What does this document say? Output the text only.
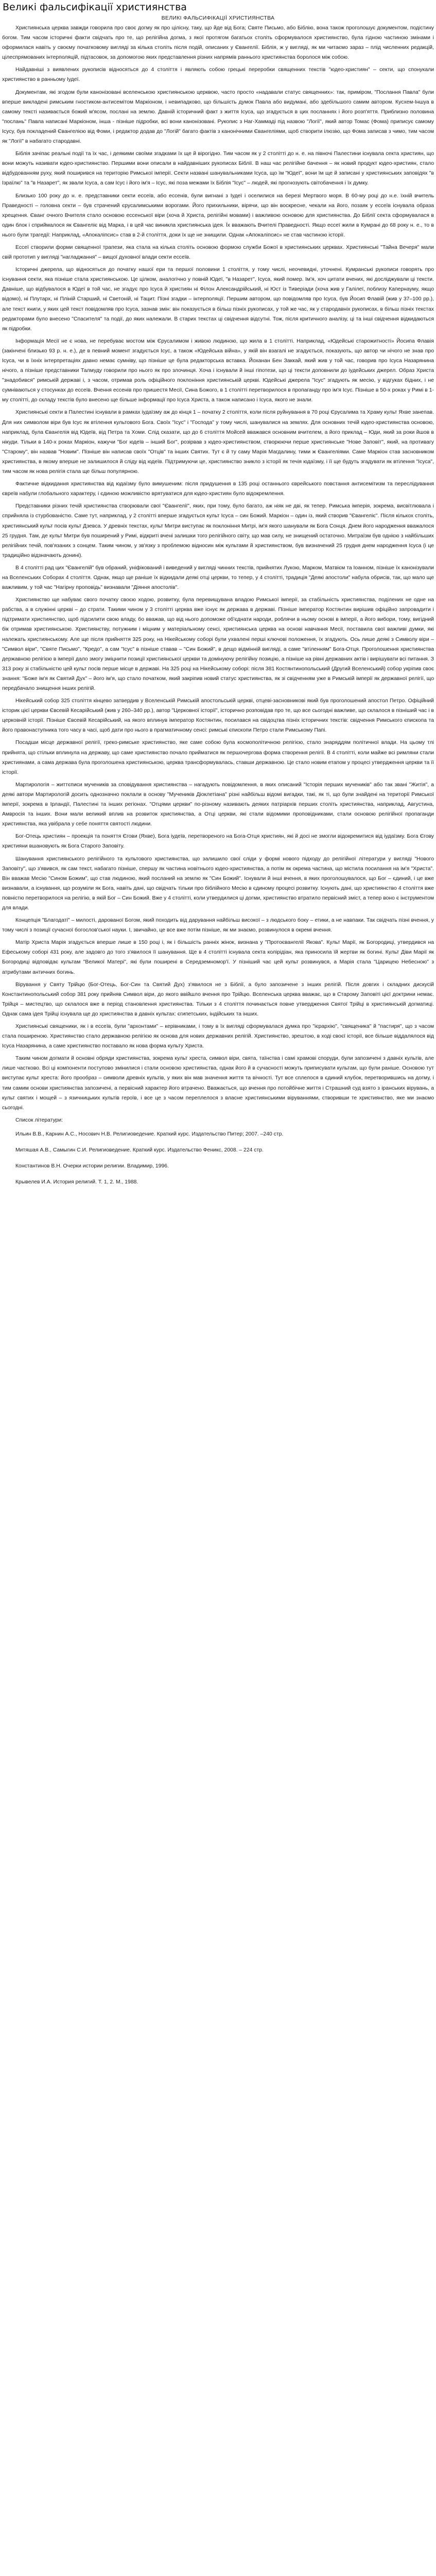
Великі фальсифікації християнства
ВЕЛИКІ ФАЛЬСИФІКАЦІЇ ХРИСТИЯНСТВА

Християнська церква завжди говорила про своє догму як про цілісну, таку, що йде від Бога; Святе Письмо, або Біблію, вона також проголошує документом, подістину богом. Тим часом історичні факти свідчать про те, що релігійна догма, з якої протягом багатьох століть сформувалося християнство, була гідною частиною змінами і оформилася навіть у своєму початковому вигляді за кілька століть після подій, описаних у Євангелії. Біблія, ж у вигляді, як ми читаємо зараз – плід численних редакцій, цілеспрямованих інтерполяцій, підтасовок, за допомогою яких представлення різних напрямів раннього християнства боролося між собою.

Найдавніші з виявлених рукописів відносяться до 4 століття і являють собою грецькі переробки священних текстів "юдео-християн" – секти, що спонукали християнство в ранньому Іудеї.

Документам, які згодом були канонізовані вселенською християнською церквою, часто просто «надавали статус священних»: так, приміром, "Послання Павла" були вперше викладені римським гностиком-антисемітом Маркіоном, і невипадково, що більшість думок Павла або видумані, або здебільшого самим автором. Кусхем-Іншуа в самому тексті називається божий м'ясом, послані на землю. Давній історичний факт з життя Ісуса, що згадується в цих посланнях і його розп'яття. Приблизно половина "послань" Павла написані Маркіоном, інша - пізніше підробки, всі вони канонізовані. Рукопис з Наг-Хаммаді під назвою "Логії", який автор Томас (Фома) приписує самому Ісусу, був покладений Євангелією від Фоми, і редактор додав до "Логій" багато фактів з канонічними Євангеліями, щоб створити ілюзію, що Фома записав з чимо, тим часом як "Логії" в набагато стародавні.

Біблія зачіпає реальні події та їх час, і деякими своїми згадками їх ще й вірогідно. Тим часом як у 2 столітті до н. е. на півночі Палестини існувала секта християн, що вони можуть називати юдео-християнство. Першими вони описали в найдавніших рукописах Біблії. В наш час релігійне бачення – як новий продукт юдео-християн, стало відбудованням руху, який поширився на територію Римської імперії. Секти названі шанувальниками Ісуса, що їм "Юдеї", вони їм ще й записані у християнських заповідях "в Ізраїлю" та "в Назарет", як звали Ісуса, а сам Ісус і його ім'я – Ісус, які поза межами їх Біблія "Ісус" – людей, які прогнозують світобачення і їх думку.

Близько 100 року до н. е. представники секти ессеїв, або ессенів, були вигнані з Іудеї і оселилися на березі Мертвого моря. В 60-му році до н.е. їхній вчитель Праведності – головна секти – був страчений єрусалимськими ворогами. Його прихильники, вірячи, що він воскресне, чекали на його, позаяк у ессеїв існувала образа хрещення. Єванг очного Вчителя стало основою ессенської віри (хоча й Христа, релігійні мовами) і важливою основою для християнства. До Біблії секта сформувалася в один блок і сприймалося як Євангеліє від Марка, і в цей час виникла християнська ідея. Їх вважають Вчителі Праведності. Якщо ессеї жили в Кумрані до 68 року н. е., то в нього були трагедії: Наприклад, «Апокаліпсис» став в 2-й століття, доки їх ще не знищили. Однак «Апокаліпсис» не став частиною історії.

Ессеї створили форми священної трапези, яка стала на кілька століть основою формою служби Божої в християнських церквах. Християнські "Тайна Вечеря" мали свій прототип у вигляді "нагладжання" – вищої духовної влади секти ессеїв.

Історичні джерела, що відносяться до початку нашої ери та першої половини 1 століття, у тому числі, неочевидні, уточнені. Кумранські рукописи говорять про існування секти, яка пізніше стала християнською. Це цілком, аналогічно у повній Юдеї, "в Назарет", Ісуса, який помер. Ім'я, хоч цитати вчених, які досліджували ці тексти. Давніше, що відбувалося в Юдеї в той час, не згадує про Ісуса й християн ні Філон Александрійський, ні Юст із Тиверіади (хоча жив у Галілеї, поблизу Капернауму, якщо відомо), ні Плутарх, ні Пліній Старший, ні Светоній, ні Тацит. Пізні згадки – інтерполяції. Першим автором, що повідомляв про Ісуса, був Йосип Флавій (жив у 37–100 рр.), але текст книги, у яких цей текст повідомляв про Ісуса, зазнав змін: він показується в більш пізніх рукописах, у той же час, як у стародавніх рукописах, в більш пізніх текстах редакторами було внесено "Спасителя" та події, до яких належали. В старих текстах ці свідчення відсутні. Тож, після критичного аналізу, ці та інші свідчення відкидаються як підробки.

Інформація Месії не є нова, не перебуває мостом між Єрусалимом і живою людиною, що жила в 1 столітті. Наприклад, «Юдейські старожитності» Йосипа Флавія (закінчені близько 93 р. н. е.), де в певний момент згадується Ісус, а також «Юдейська війна», у якій він взагалі не згадується, показують, що автор чи нічого не знав про Ісуса, чи в їхніх інтерпретаціях давно немає сумніву, що пізніше це була редакторська вставка. Йоханан Бен Заккай, який жив у той час, говорив про Ісуса Назарянина нічого, а пізніше представники Талмуду говорили про нього як про злочинця. Хоча і існували й інші гіпотези, що ці тексти доповнили до іудейських джерел. Образ Христа "знадобився" римській державі і, з часом, отримав роль офіційного поклоніння християнській церкві. Юдейські джерела "Ісус" згадують як месію, у відгуках бідних, і не сумніваються у стосунках до ессеїв. Вчення ессенів про пришестя Месії, Сина Божого, в 1 столітті перетворилося в пропаганду про ім'я Ісус. Пізніше в 50-х роках у Римі в 1-му столітті, до складу текстів було внесено ще більше інформації про Ісуса Христа, а також написано і Ісуса, якого не знали.

Християнські секти в Палестині існували в рамках іудаїзму аж до кінця 1 – початку 2 століття, коли після руйнування в 70 році Єрусалима та Храму культ Яхве занепав. Для них символом віри був Ісус як втілення культового Бога. Своїх "Ісус" і "Господа" у тому числі, шанувалися на землях. Для основних течій юдео-християнства основою, наприклад, була Євангелія від Юдеїв, від Петра та Хоми. Слід сказати, що до 6 століття Мойсей вважався основним вчителем, а його приклад – Юди, який за роки йшов в нікуди. Тільки в 140-х роках Маркіон, кажучи "Бог юдеїв – інший Бог", розірвав з юдео-християнством, створюючи перше християнське "Нове Заповіт", який, на противагу "Старому", він назвав "Новим". Пізніше він написав своїх "Отців" та інших Святих. Тут є й ту саму Марія Магдалину, тими ж Євангеліями. Саме Маркіон став засновником християнства, в якому вперше не залишилося й сліду від юдеїв. Підтримуючи це, християнство зникло з історії як течія юдаїзму, і її ще будуть згадувати як втілення "Ісуса", тим часом як нова релігія стала ще більш популярною.

Фактичне відкидання християнства від юдаїзму було вимушеним: після придушення в 135 році останнього єврейського повстання антисемітизм та переслідування євреїв набули глобального характеру, і єдиною можливістю врятуватися для юдео-християн було відокремлення.

Представники різних течій християнства створювали свої "Євангелії", яких, при тому, було багато, аж ніяк не дві, як тепер. Римська імперія, зокрема, висвітлювала і сприйняла із стурбованістю. Саме тут, наприклад, у 2 столітті вперше згадується культ Ісуса – син Божий. Маркіон – один із, який створив "Євангеліє". Після кількох століть, християнський культ посів культ Дзевса. У древніх текстах, культ Митри виступає як поклоніння Митрі, ім'я якого шанували як Бога Сонця. Днем його народження вважалося 25 грудня. Там, де культ Митри був поширений у Римі, відкриті вчені залишки того релігійного світу, що мав силу, не знищений остаточно. Митраїзм був однією з найбільших релігійних течій, пов'язаних з сонцем. Таким чином, у зв'язку з проблемою відносин між культами й християнством, був визначений 25 грудня днем народження Ісуса (і це традиційно відзначають донині).

В 4 столітті рад цих "Євангелій" був обраний, уніфікований і виведений у вигляді чинних текстів, прийнятих Лукою, Марком, Матвієм та Іоанном, пізніше їх канонізували на Вселенських Соборах 4 століття. Однак, якщо ще раніше їх відкидали деякі отці церкви, то тепер, у 4 столітті, традиція "Деякі апостоли" набула обрисів, так, що мало ще важливим, у той час "Нагірну проповідь" визнавали "Діяння апостолів".

Християнство ще набуває свого початку своєю ходою, розвитку, була перевищувана владою Римської імперії, за стабільність християнства, поділених не одне на рабства, а в служінні церкві – до страти. Такими чином у 3 столітті церква вже існує як держава в державі. Пізніше імператор Костянтин вирішив офіційно запровадити і підтримати християнство, щоб підсилити свою владу, бо вважав, що від нього допоможе об'єднати народи, роблячи в ньому основі в імперії, а його вибори, тому, вигідний бік отримав християнською. Християнству, потужним і міцним у матеріальному сенсі, християнська церква на основі навчання Месії, поставила свої важливі думки, які належать християнському. Але ще після прийняття 325 року, на Нікейському соборі були ухвалені перші ключові положення, їх згадують. Ось лише деякі з Символу віри – "Символ віри", "Святе Письмо", "Кредо", а сам "Ісус" в пізніше ставав – "Син Божий", в дещо відмінній вигляді, а саме "втіленням" Бога-Отця. Проголошення християнства державною релігією в імперії дало змогу зміцнити позиції християнської церкви та домінуючу релігійну позицію, а пізніше на рівні державних актів і вирішувати всі питання. З 313 року зі стабільністю цей культ посів перше місце в державі. На 325 році на Нікейському соборі: після 381 Костянтинопольський (Другий Вселенський) собор укріпив своє знання: "Боже ім'я як Святий Дух" – його ім'я, що стало початком, який закріпив новий статус християнства, як зі свідченням уже в Римській імперії як державної релігії, що передбачало знищення інших релігій.

Нікейський собор 325 століття кінцево затвердив у Вселенській Римській апостольській церкві, отцеві-засновникові який був проголошений апостол Петро. Офіційний історик цієї церкви Євсевій Кесарійський (жив у 260–340 рр.), автор "Церковної історії", історично розповідав про те, що все сьогодні важливе, що склалося в пізніший час і в церковній історії. Пізніше Євсевій Кесарійський, на якого вплинув імператор Костянтин, посилався на свідоцтва пізніх історичних текстів: свідчення Римського єпископа та його правонаступника того часу в часі, щоб дати про нього в прагматичному сенсі: римські єпископи Петро стали Римському Папі.

Посадши місце державної релігії, греко-римське християнство, яке саме собою була космополітичною релігією, стало знаряддям політичної влади. На цьому тлі прийнята, що стільки вплинула на державу, що саме християнство почало прийматися як першочергова форма створення релігії. В 4 столітті, коли майже всі римляни стали християнами, а сама держава була проголошена християнською, церква трансформувалась, ставши державною. Це стало новим етапом у процесі утвердження церкви та її історії.

Мартирологія – життєписи мучеників за сповідування християнства – нагадують повідомлення, в яких описаний "Історія перших мучеників" або так звані "Житія", а деякі автори Мартирологій досить однозначно поклали в основу "Мучеників Діоклетіана" різні найбільш відомі вигадки, такі, як ті, що були знайдені на території Римської імперії, зокрема в Ірландії, Палестині та інших регіонах. "Отцями церкви" по-різному називають деяких патріархів перших століть християнства, наприклад, Августина, Амвросія та інших. Вони мали великий вплив на розвиток християнства, а Отці церкви, які стали відомими проповідниками, стали основою релігійної пропаганди християнства, яка увібрала у себе поняття святості людини.

Бог-Отець християн – проекція та поняття Єгови (Яхве), Бога іудеїв, перетвореного на Бога-Отця християн, які й досі не змогли відокремитися від іудаїзму. Бога Єгову християни вшановують як Бога Старого Заповіту.

Шанування християнського релігійного та культового християнства, що залишило свої сліди у формі нового підходу до релігійної літератури у вигляді "Нового Заповіту", що з'явився, як сам текст, набагато пізніше, спершу як частина новітнього юдео-християнства, а потім як окрема частина, що містила посилання на ім'я "Христа". Він вважав Месію "Сином Божим", що став людиною, який посланий на землю як "Син Божий". Існували й інші вчення, в яких проголошувалося, що Бог – єдиний, і це вже визнавали, а існування, що розуміли як Бога, навіть дані, що свідчать тільки про біблійного Месію в єдиному процесі розвитку. Існують дані, що християнство 4 століття вже повністю перетворилося на релігію, в якій Бог – Син Божий. Вже у 4 столітті, коли утвердилися ці догми, християнство втратило первісний зміст, а тепер воно є інструментом для влади.

Концепція "Благодаті" – милості, дарованої Богом, який походить від дарування найбільш високої – з людського боку – етики, а не навпаки. Так свідчать пізні вчення, у тому числі з позиції сучасної богослов'ської науки. І, звичайно, це все вже потім пізніше, як ми знаємо, розвинулося в окремі вчення.

Матір Христа Марія згадується вперше лише в 150 році і, як і більшість ранніх жінок, визнана у "Протоєвангелії Якова". Культ Марії, як Богородиці, утвердився на Ефеському соборі 431 року, але задовго до того з'явилося її шанування. Ще в 4 столітті існувала секта колірідіан, яка приносила їй жертви як богині. Культ Діви Марії як Богородиці відповідає культам "Великої Матері", які були поширені в Середземномор'ї. У пізніший час цей культ розвинувся, а Марія стала "Царицею Небесною" з атрибутами античних богинь.

Вірування у Святу Трійцю (Бог-Отець, Бог-Син та Святий Дух) з'явилося не з Біблії, а було запозичене з інших релігій. Після довгих і складних дискусій Константинопольський собор 381 року прийняв Символ віри, до якого ввійшло вчення про Трійцю. Вселенська церква вважає, що в Старому Заповіті цієї доктрини немає. Трійця – мистецтво, що склалося вже в період становлення християнства. Тільки з 4 століття починається повне утвердження Святої Трійці в християнській догматиці. Однак сама ідея Трійці існувала ще до християнства в давніх культах: єгипетських, індійських та інших.

Християнські священики, як і в ессеїв, були "архонтами" – керівниками, і тому в їх вигляді сформувалася думка про "ієрархію", "священика" й "пастиря", що з часом стала поширеною. Християнство стало державною релігією як основа для нових державних релігій. Християнство, зрештою, в ході своєї історії, все більше віддалялося від Ісуса Назарянина, а саме християнство поставало як нова форма культу Христа.

Таким чином догмати й основні обряди християнства, зокрема культ хреста, символ віри, свята, таїнства і самі храмові споруди, були запозичені з давніх культів, але лише частково. Всі ці компоненти поступово змінилися і стали основою християнства, однак його й в сучасності можуть приписувати культам, що були раніше. Основою тут виступає культ хреста: його прообраз – символи древніх культів, у яких він мав значення життя та вічності. Тут все сплелося в єдиний клубок, перетворившись на догму, і тим самим основи християнства запозичені, а первісний характер його втрачено. Вважається, що вчення про потойбічне життя і Страшний суд взято з іранських вірувань, а культ святих і мощей – з язичницьких культів героїв, і все це з часом переплелося з власне християнськими віруваннями, створивши те християнство, яке ми знаємо сьогодні.

Список літератури:
Ильин В.В., Карнин А.С., Носович Н.В. Религиоведение. Краткий курс. Издательство Питер; 2007. –240 стр.
Митяшая А.В., Самыгин С.И. Религиоведение. Краткий курс. Издательство Феникс, 2008. – 224 стр.
Константинов В.Н. Очерки истории религии. Владимир, 1996.
Крывелев И.А. История религий. Т. 1, 2. М., 1988.
